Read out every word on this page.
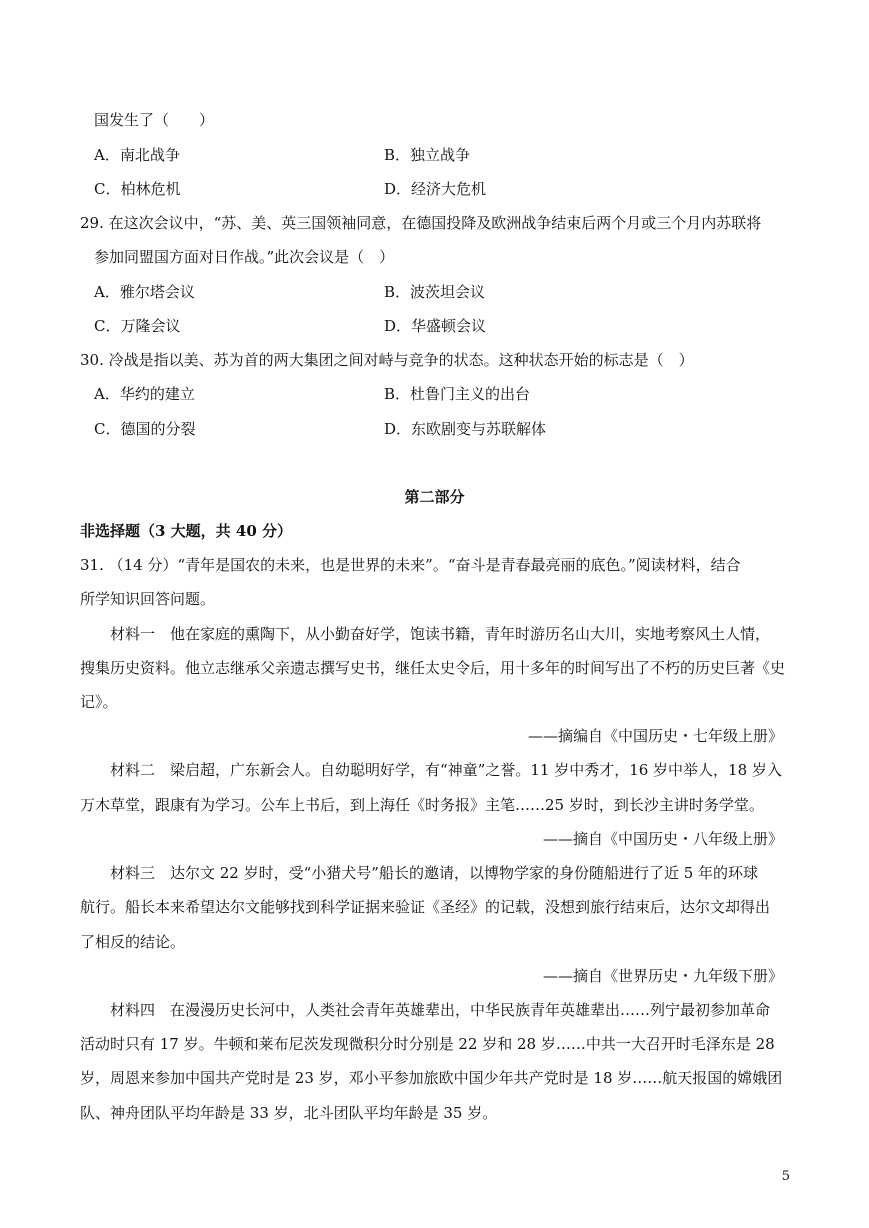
国发生了（　　）
A．南北战争	B．独立战争
C．柏林危机	D．经济大危机
29. 在这次会议中，“苏、美、英三国领袖同意，在德国投降及欧洲战争结束后两个月或三个月内苏联将
参加同盟国方面对日作战。”此次会议是（　）
A．雅尔塔会议	B．波茨坦会议
C．万隆会议	D．华盛顿会议
30. 冷战是指以美、苏为首的两大集团之间对峙与竞争的状态。这种状态开始的标志是（　）
A．华约的建立	B．杜鲁门主义的出台
C．德国的分裂	D．东欧剧变与苏联解体
第二部分
非选择题（3 大题，共 40 分）
31. （14 分）“青年是国农的未来，也是世界的未来”。“奋斗是青春最亮丽的底色。”阅读材料，结合
所学知识回答问题。
材料一　他在家庭的熏陶下，从小勤奋好学，饱读书籍，青年时游历名山大川，实地考察风土人情，
搜集历史资料。他立志继承父亲遗志撰写史书，继任太史令后，用十多年的时间写出了不朽的历史巨著《史
记》。
——摘编自《中国历史・七年级上册》
材料二　梁启超，广东新会人。自幼聪明好学，有“神童”之誉。11 岁中秀才，16 岁中举人，18 岁入
万木草堂，跟康有为学习。公车上书后，到上海任《时务报》主笔……25 岁时，到长沙主讲时务学堂。
——摘自《中国历史・八年级上册》
材料三　达尔文 22 岁时，受“小猎犬号”船长的邀请，以博物学家的身份随船进行了近 5 年的环球
航行。船长本来希望达尔文能够找到科学证据来验证《圣经》的记载，没想到旅行结束后，达尔文却得出
了相反的结论。
——摘自《世界历史・九年级下册》
材料四　在漫漫历史长河中，人类社会青年英雄辈出，中华民族青年英雄辈出……列宁最初参加革命
活动时只有 17 岁。牛顿和莱布尼茨发现微积分时分别是 22 岁和 28 岁……中共一大召开时毛泽东是 28
岁，周恩来参加中国共产党时是 23 岁，邓小平参加旅欧中国少年共产党时是 18 岁……航天报国的嫦娥团
队、神舟团队平均年龄是 33 岁，北斗团队平均年龄是 35 岁。
5
